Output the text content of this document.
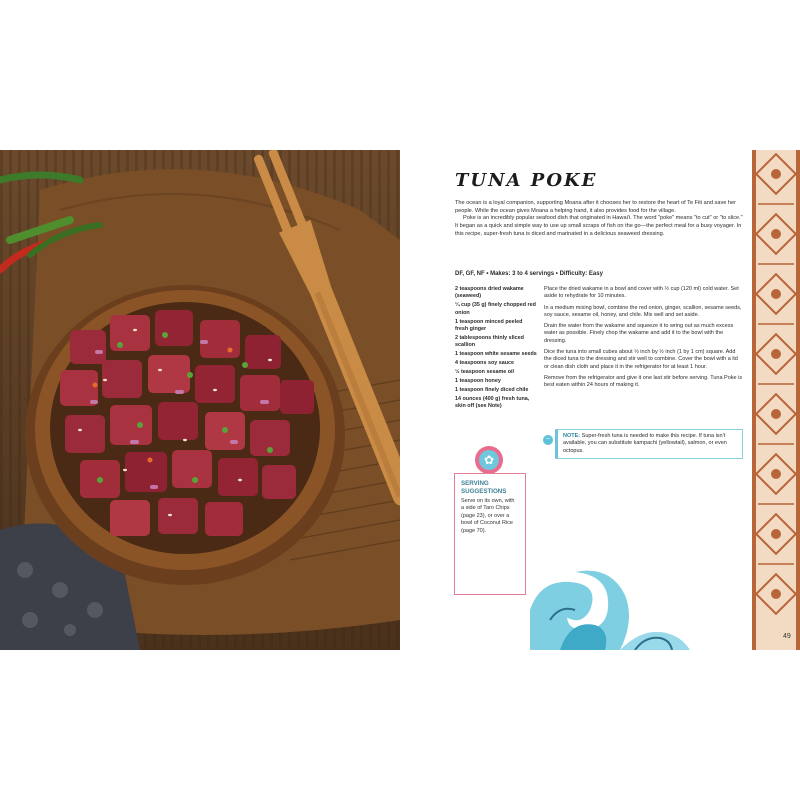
TUNA POKE

The ocean is a loyal companion, supporting Moana after it chooses her to restore the heart of Te Fiti and save her people. While the ocean gives Moana a helping hand, it also provides food for the village.

Poke is an incredibly popular seafood dish that originated in Hawai'i. The word "poke" means "to cut" or "to slice." It began as a quick and simple way to use up small scraps of fish on the go—the perfect meal for a busy voyager. In this recipe, super-fresh tuna is diced and marinated in a delicious seaweed dressing.

DF, GF, NF • Makes: 3 to 4 servings • Difficulty: Easy
2 teaspoons dried wakame (seaweed)
¼ cup (35 g) finely chopped red onion
1 teaspoon minced peeled fresh ginger
2 tablespoons thinly sliced scallion
1 teaspoon white sesame seeds
4 teaspoons soy sauce
½ teaspoon sesame oil
1 teaspoon honey
1 teaspoon finely diced chile
14 ounces (400 g) fresh tuna, skin off (see Note)

Place the dried wakame in a bowl and cover with ½ cup (120 ml) cold water. Set aside to rehydrate for 10 minutes.

In a medium mixing bowl, combine the red onion, ginger, scallion, sesame seeds, soy sauce, sesame oil, honey, and chile. Mix well and set aside.

Drain the water from the wakame and squeeze it to wring out as much excess water as possible. Finely chop the wakame and add it to the bowl with the dressing.

Dice the tuna into small cubes about ½ inch by ½ inch (1 by 1 cm) square. Add the diced tuna to the dressing and stir well to combine. Cover the bowl with a lid or clean dish cloth and place it in the refrigerator for at least 1 hour.

Remove from the refrigerator and give it one last stir before serving. Tuna Poke is best eaten within 24 hours of making it.

~	NOTE: Super-fresh tuna is needed to make this recipe. If tuna isn't available, you can substitute kampachi (yellowtail), salmon, or even octopus.
✿
SERVING SUGGESTIONS
Serve on its own, with a side of Taro Chips (page 23), or over a bowl of Coconut Rice (page 70).
49
